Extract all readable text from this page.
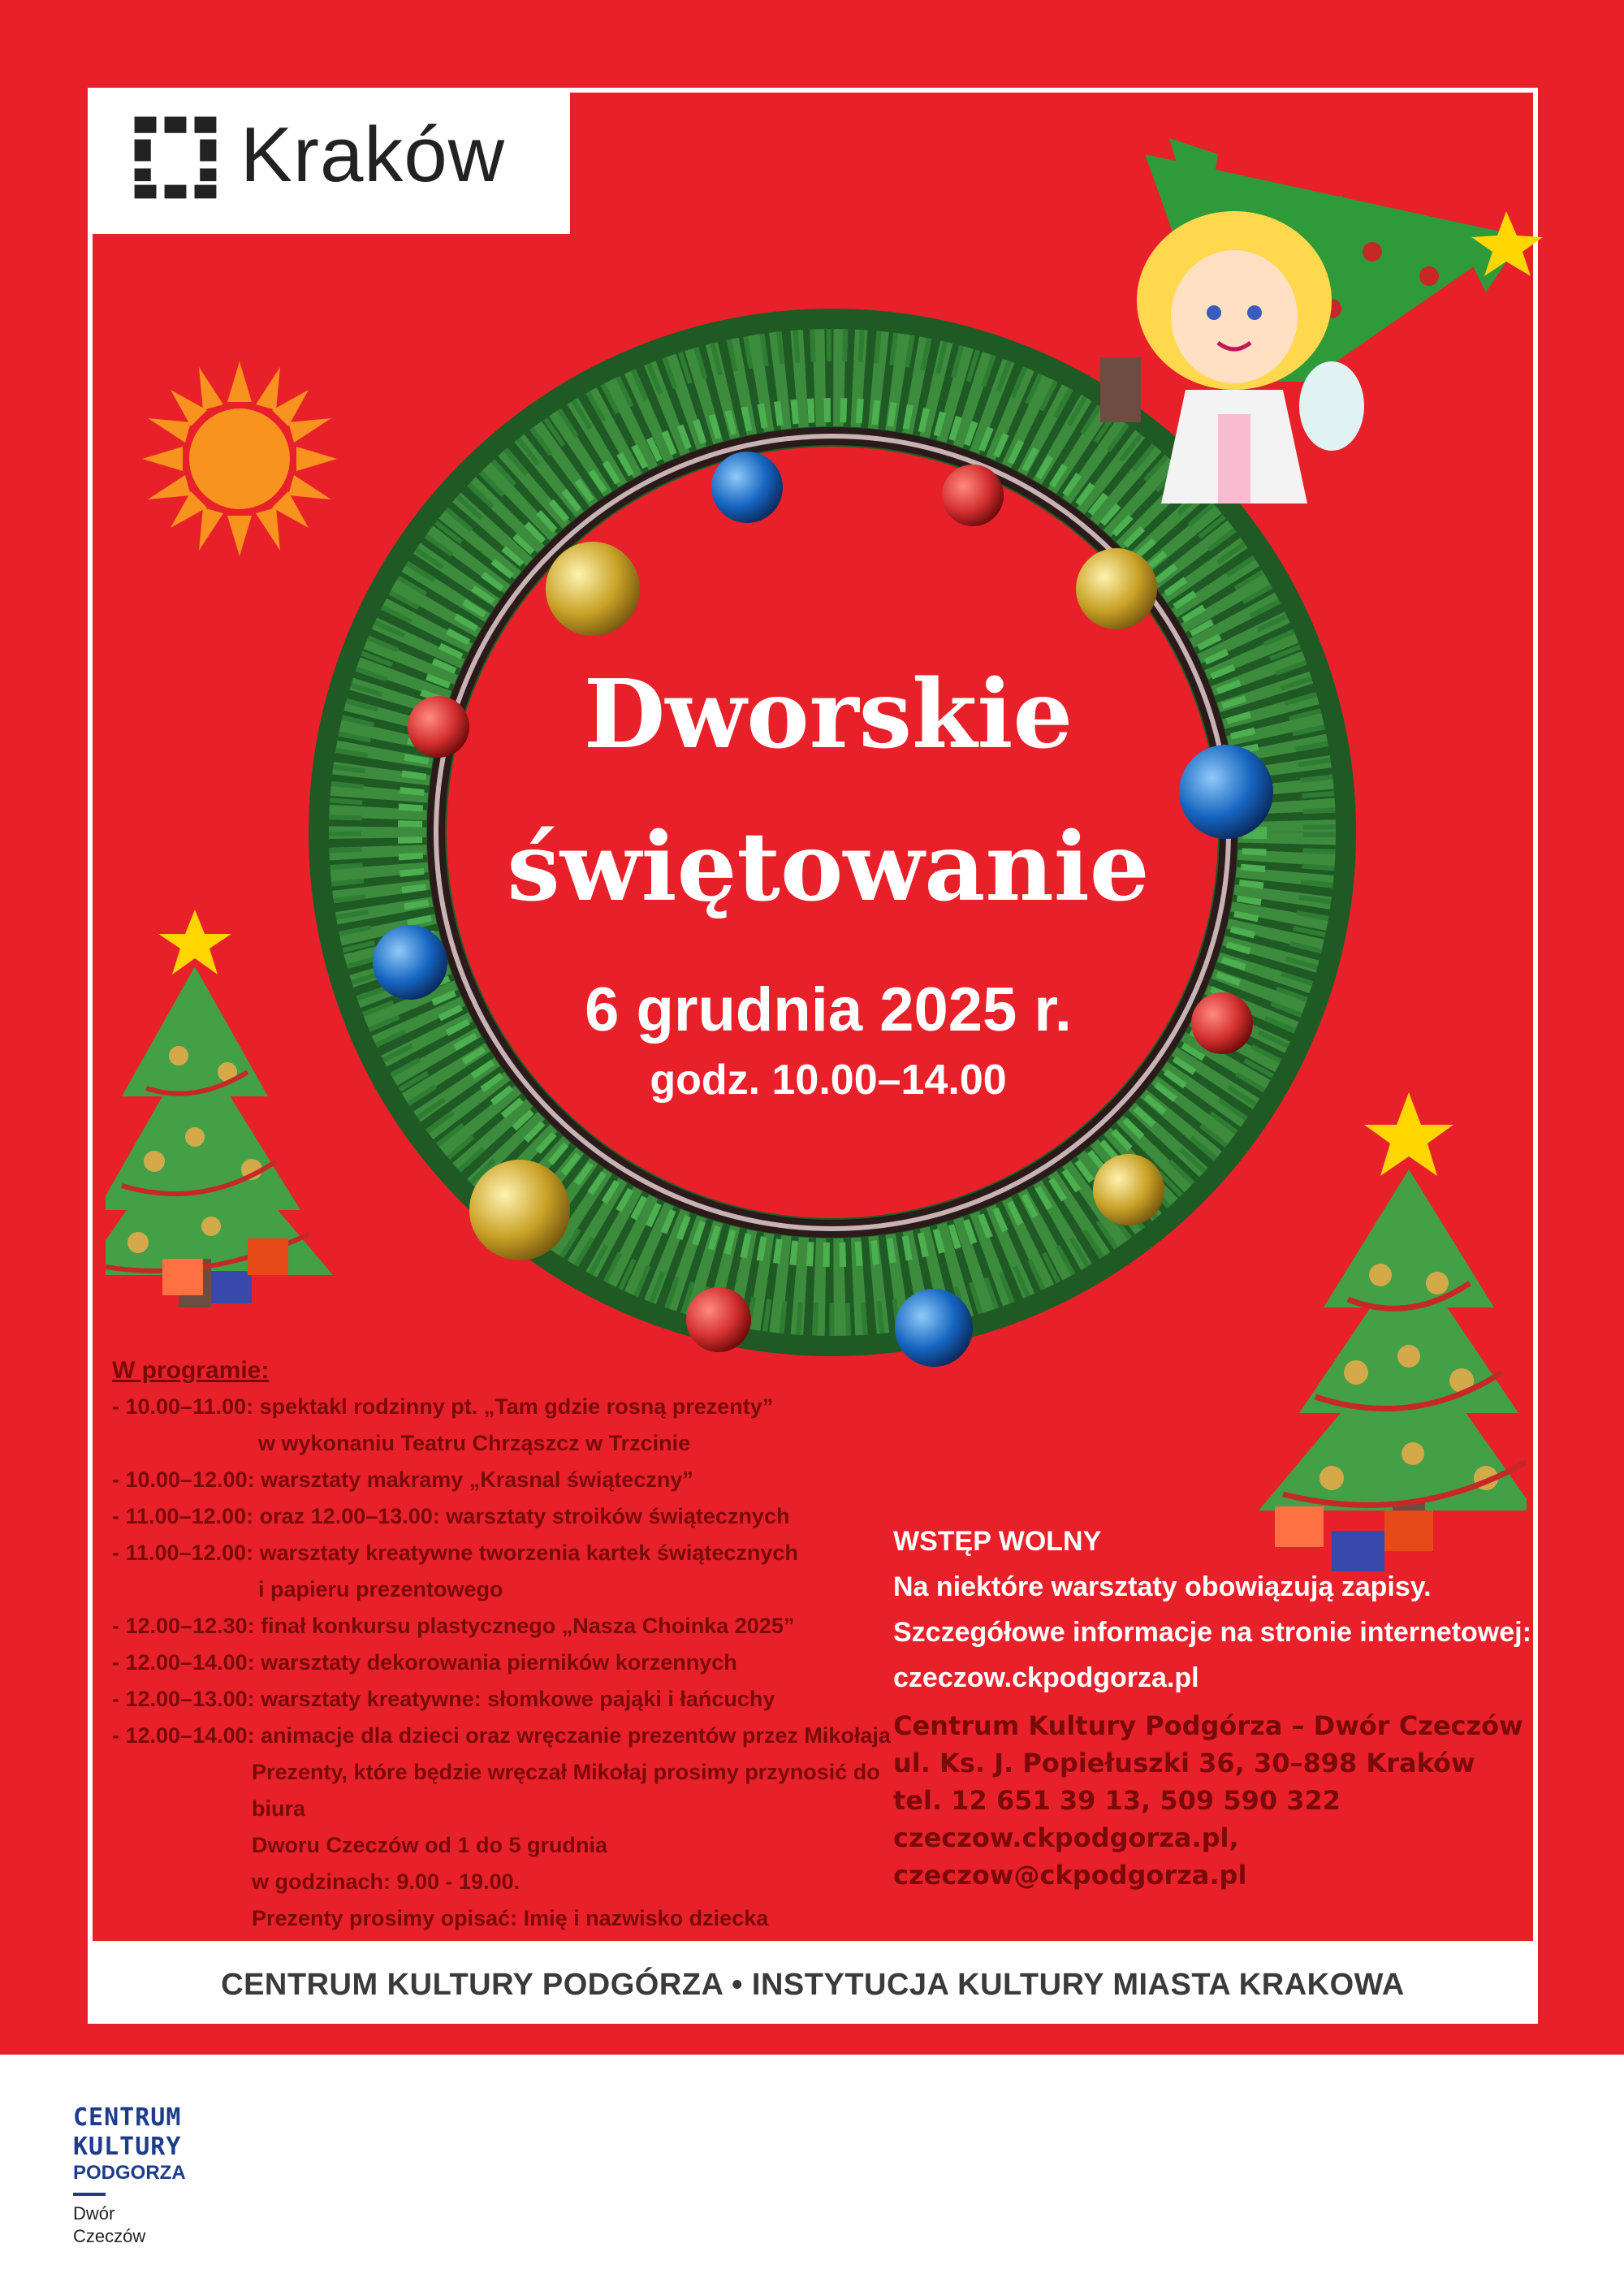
Kraków
Dworskie
świętowanie
6 grudnia 2025 r.
godz. 10.00–14.00
W programie:
- 10.00–11.00: spektakl rodzinny pt. „Tam gdzie rosną prezenty”
w wykonaniu Teatru Chrząszcz w Trzcinie
- 10.00–12.00: warsztaty makramy „Krasnal świąteczny”
- 11.00–12.00: oraz 12.00–13.00: warsztaty stroików świątecznych
- 11.00–12.00: warsztaty kreatywne tworzenia kartek świątecznych
i papieru prezentowego
- 12.00–12.30: finał konkursu plastycznego „Nasza Choinka 2025”
- 12.00–14.00: warsztaty dekorowania pierników korzennych
- 12.00–13.00: warsztaty kreatywne: słomkowe pająki i łańcuchy
- 12.00–14.00: animacje dla dzieci oraz wręczanie prezentów przez Mikołaja
Prezenty, które będzie wręczał Mikołaj prosimy przynosić do biura
Dworu Czeczów od 1 do 5 grudnia
w godzinach: 9.00 - 19.00.
Prezenty prosimy opisać: Imię i nazwisko dziecka
WSTĘP WOLNY
Na niektóre warsztaty obowiązują zapisy.
Szczegółowe informacje na stronie internetowej:
czeczow.ckpodgorza.pl
Centrum Kultury Podgórza – Dwór Czeczów
ul. Ks. J. Popiełuszki 36, 30–898 Kraków
tel. 12 651 39 13, 509 590 322
czeczow.ckpodgorza.pl, czeczow@ckpodgorza.pl
CENTRUM KULTURY PODGÓRZA • INSTYTUCJA KULTURY MIASTA KRAKOWA
CENTRUM
KULTURY
PODGORZA
Dwór
Czeczów
